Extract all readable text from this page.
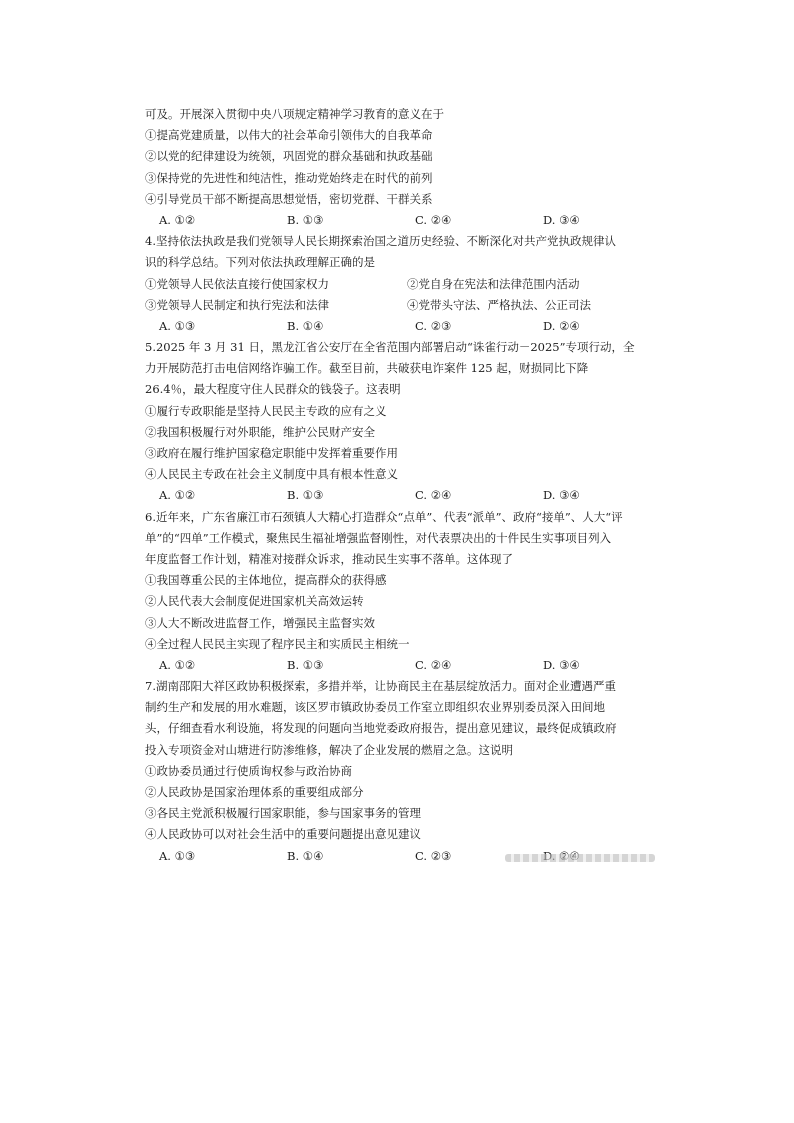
可及。开展深入贯彻中央八项规定精神学习教育的意义在于
①提高党建质量，以伟大的社会革命引领伟大的自我革命
②以党的纪律建设为统领，巩固党的群众基础和执政基础
③保持党的先进性和纯洁性，推动党始终走在时代的前列
④引导党员干部不断提高思想觉悟，密切党群、干群关系
A. ①②	B. ①③	C. ②④	D. ③④
4.坚持依法执政是我们党领导人民长期探索治国之道历史经验、不断深化对共产党执政规律认
识的科学总结。下列对依法执政理解正确的是
①党领导人民依法直接行使国家权力	②党自身在宪法和法律范围内活动
③党领导人民制定和执行宪法和法律	④党带头守法、严格执法、公正司法
A. ①③	B. ①④	C. ②③	D. ②④
5.2025 年 3 月 31 日，黑龙江省公安厅在全省范围内部署启动“诛雀行动－2025”专项行动，全
力开展防范打击电信网络诈骗工作。截至目前，共破获电诈案件 125 起，财损同比下降
26.4％，最大程度守住人民群众的钱袋子。这表明
①履行专政职能是坚持人民民主专政的应有之义
②我国积极履行对外职能，维护公民财产安全
③政府在履行维护国家稳定职能中发挥着重要作用
④人民民主专政在社会主义制度中具有根本性意义
A. ①②	B. ①③	C. ②④	D. ③④
6.近年来，广东省廉江市石颈镇人大精心打造群众“点单”、代表“派单”、政府“接单”、人大“评
单”的“四单”工作模式，聚焦民生福祉增强监督刚性，对代表票决出的十件民生实事项目列入
年度监督工作计划，精准对接群众诉求，推动民生实事不落单。这体现了
①我国尊重公民的主体地位，提高群众的获得感
②人民代表大会制度促进国家机关高效运转
③人大不断改进监督工作，增强民主监督实效
④全过程人民民主实现了程序民主和实质民主相统一
A. ①②	B. ①③	C. ②④	D. ③④
7.湖南邵阳大祥区政协积极探索，多措并举，让协商民主在基层绽放活力。面对企业遭遇严重
制约生产和发展的用水难题，该区罗市镇政协委员工作室立即组织农业界别委员深入田间地
头，仔细查看水利设施，将发现的问题向当地党委政府报告，提出意见建议，最终促成镇政府
投入专项资金对山塘进行防渗维修，解决了企业发展的燃眉之急。这说明
①政协委员通过行使质询权参与政治协商
②人民政协是国家治理体系的重要组成部分
③各民主党派积极履行国家职能，参与国家事务的管理
④人民政协可以对社会生活中的重要问题提出意见建议
A. ①③	B. ①④	C. ②③
